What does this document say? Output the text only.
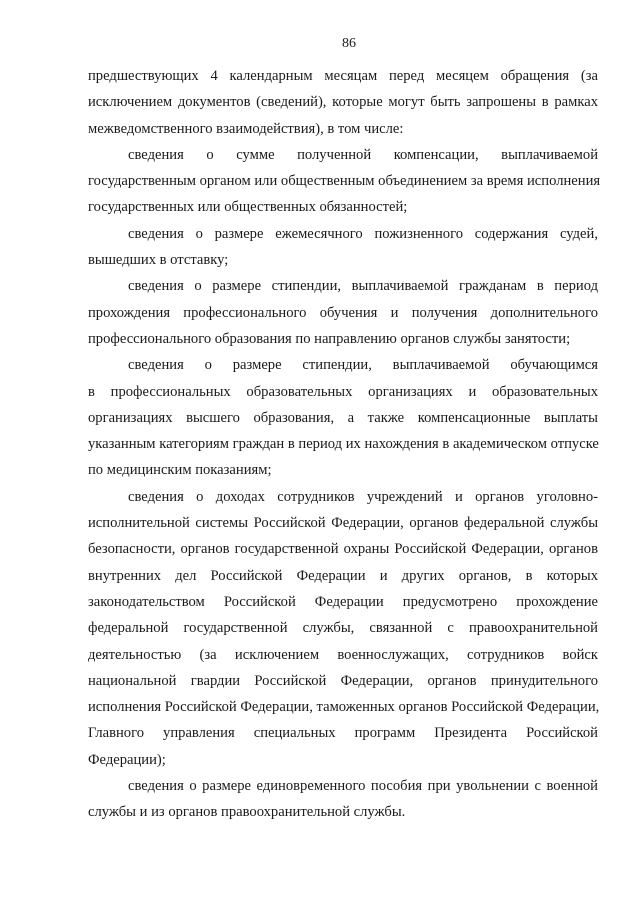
86
предшествующих 4 календарным месяцам перед месяцем обращения (за
исключением документов (сведений), которые могут быть запрошены в рамках
межведомственного взаимодействия), в том числе:
сведения о сумме полученной компенсации, выплачиваемой
государственным органом или общественным объединением за время исполнения
государственных или общественных обязанностей;
сведения о размере ежемесячного пожизненного содержания судей,
вышедших в отставку;
сведения о размере стипендии, выплачиваемой гражданам в период
прохождения профессионального обучения и получения дополнительного
профессионального образования по направлению органов службы занятости;
сведения о размере стипендии, выплачиваемой обучающимся
в профессиональных образовательных организациях и образовательных
организациях высшего образования, а также компенсационные выплаты
указанным категориям граждан в период их нахождения в академическом отпуске
по медицинским показаниям;
сведения о доходах сотрудников учреждений и органов уголовно-
исполнительной системы Российской Федерации, органов федеральной службы
безопасности, органов государственной охраны Российской Федерации, органов
внутренних дел Российской Федерации и других органов, в которых
законодательством Российской Федерации предусмотрено прохождение
федеральной государственной службы, связанной с правоохранительной
деятельностью (за исключением военнослужащих, сотрудников войск
национальной гвардии Российской Федерации, органов принудительного
исполнения Российской Федерации, таможенных органов Российской Федерации,
Главного управления специальных программ Президента Российской
Федерации);
сведения о размере единовременного пособия при увольнении с военной
службы и из органов правоохранительной службы.
